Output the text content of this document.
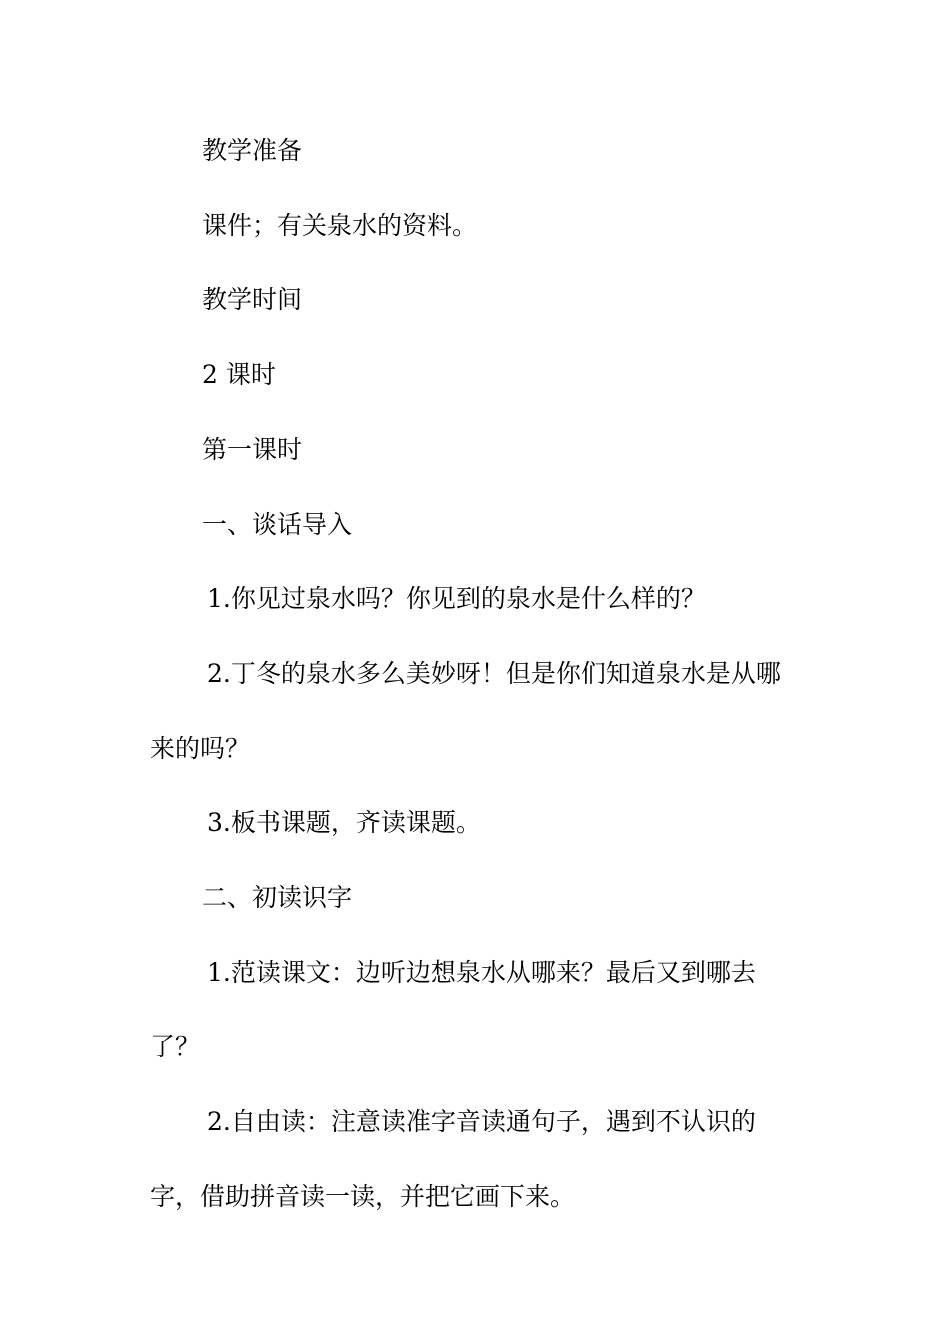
教学准备
课件；有关泉水的资料。
教学时间
2 课时
第一课时
一、谈话导入
1.你见过泉水吗？你见到的泉水是什么样的？
2.丁冬的泉水多么美妙呀！但是你们知道泉水是从哪
来的吗？
3.板书课题，齐读课题。
二、初读识字
1.范读课文：边听边想泉水从哪来？最后又到哪去
了？
2.自由读：注意读准字音读通句子，遇到不认识的
字，借助拼音读一读，并把它画下来。
